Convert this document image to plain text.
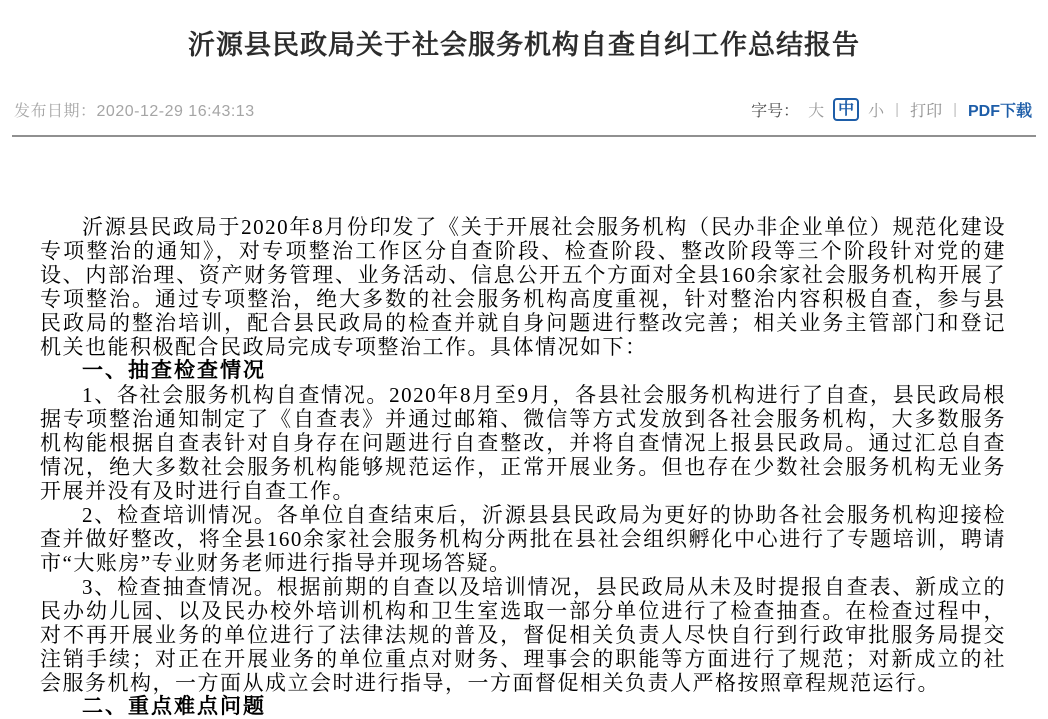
沂源县民政局关于社会服务机构自查自纠工作总结报告
发布日期：2020-12-29 16:43:13	字号： 大 中 小 | 打印 | PDF下载

沂源县民政局于2020年8月份印发了《关于开展社会服务机构（民办非企业单位）规范化建设专项整治的通知》，对专项整治工作区分自查阶段、检查阶段、整改阶段等三个阶段针对党的建设、内部治理、资产财务管理、业务活动、信息公开五个方面对全县160余家社会服务机构开展了专项整治。通过专项整治，绝大多数的社会服务机构高度重视，针对整治内容积极自查，参与县民政局的整治培训，配合县民政局的检查并就自身问题进行整改完善；相关业务主管部门和登记机关也能积极配合民政局完成专项整治工作。具体情况如下：

一、抽查检查情况

1、各社会服务机构自查情况。2020年8月至9月，各县社会服务机构进行了自查，县民政局根据专项整治通知制定了《自查表》并通过邮箱、微信等方式发放到各社会服务机构，大多数服务机构能根据自查表针对自身存在问题进行自查整改，并将自查情况上报县民政局。通过汇总自查情况，绝大多数社会服务机构能够规范运作，正常开展业务。但也存在少数社会服务机构无业务开展并没有及时进行自查工作。

2、检查培训情况。各单位自查结束后，沂源县县民政局为更好的协助各社会服务机构迎接检查并做好整改，将全县160余家社会服务机构分两批在县社会组织孵化中心进行了专题培训，聘请市“大账房”专业财务老师进行指导并现场答疑。

3、检查抽查情况。根据前期的自查以及培训情况，县民政局从未及时提报自查表、新成立的民办幼儿园、以及民办校外培训机构和卫生室选取一部分单位进行了检查抽查。在检查过程中，对不再开展业务的单位进行了法律法规的普及，督促相关负责人尽快自行到行政审批服务局提交注销手续；对正在开展业务的单位重点对财务、理事会的职能等方面进行了规范；对新成立的社会服务机构，一方面从成立会时进行指导，一方面督促相关负责人严格按照章程规范运行。

二、重点难点问题
